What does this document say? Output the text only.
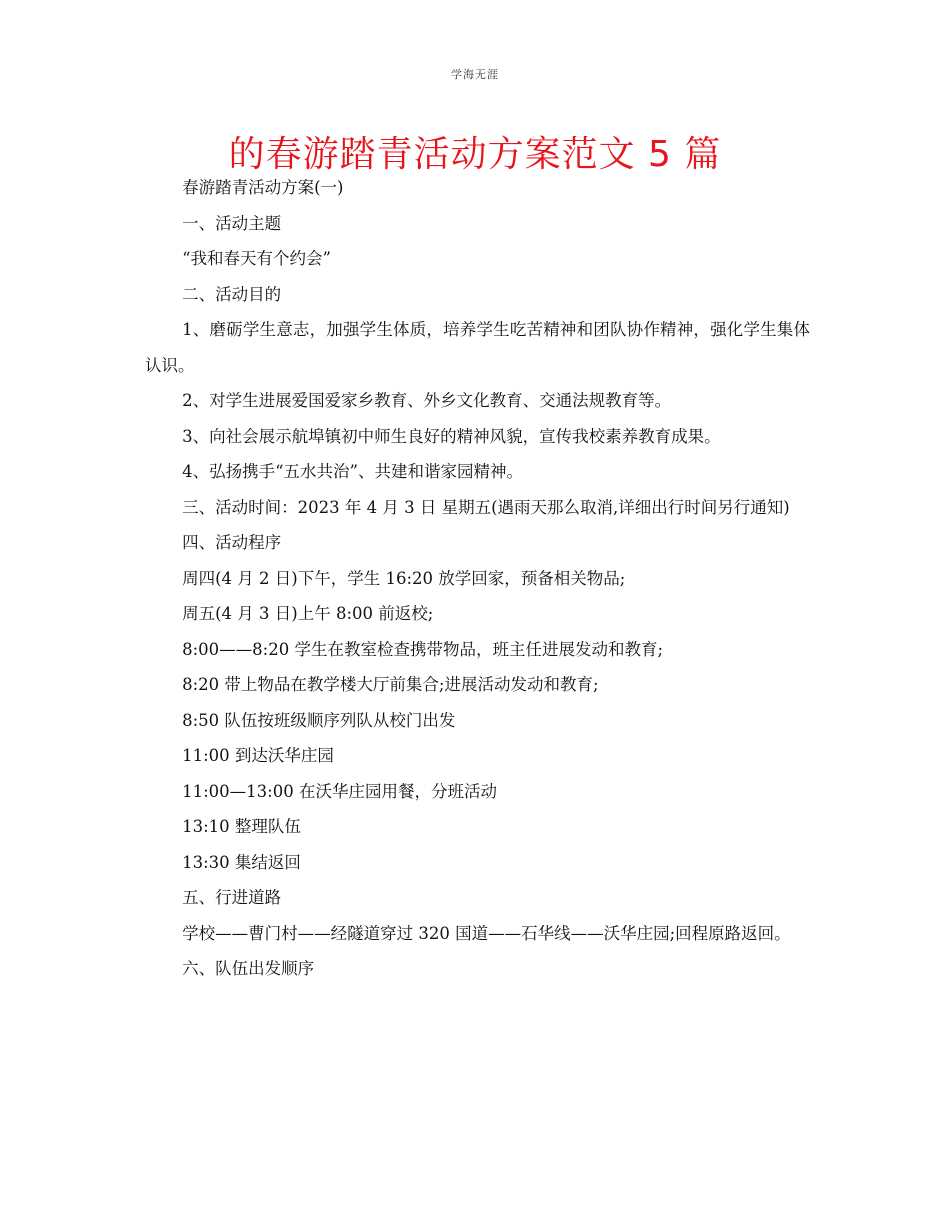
学海无涯
的春游踏青活动方案范文 5 篇

春游踏青活动方案(一)

一、活动主题

“我和春天有个约会”

二、活动目的

1、磨砺学生意志，加强学生体质，培养学生吃苦精神和团队协作精神，强化学生集体认识。

2、对学生进展爱国爱家乡教育、外乡文化教育、交通法规教育等。

3、向社会展示航埠镇初中师生良好的精神风貌，宣传我校素养教育成果。

4、弘扬携手“五水共治”、共建和谐家园精神。

三、活动时间：2023 年 4 月 3 日 星期五(遇雨天那么取消,详细出行时间另行通知)

四、活动程序

周四(4 月 2 日)下午，学生 16:20 放学回家，预备相关物品;

周五(4 月 3 日)上午 8:00 前返校;

8:00——8:20 学生在教室检查携带物品，班主任进展发动和教育;

8:20 带上物品在教学楼大厅前集合;进展活动发动和教育;

8:50 队伍按班级顺序列队从校门出发

11:00 到达沃华庄园

11:00—13:00 在沃华庄园用餐，分班活动

13:10 整理队伍

13:30 集结返回

五、行进道路

学校——曹门村——经隧道穿过 320 国道——石华线——沃华庄园;回程原路返回。

六、队伍出发顺序
